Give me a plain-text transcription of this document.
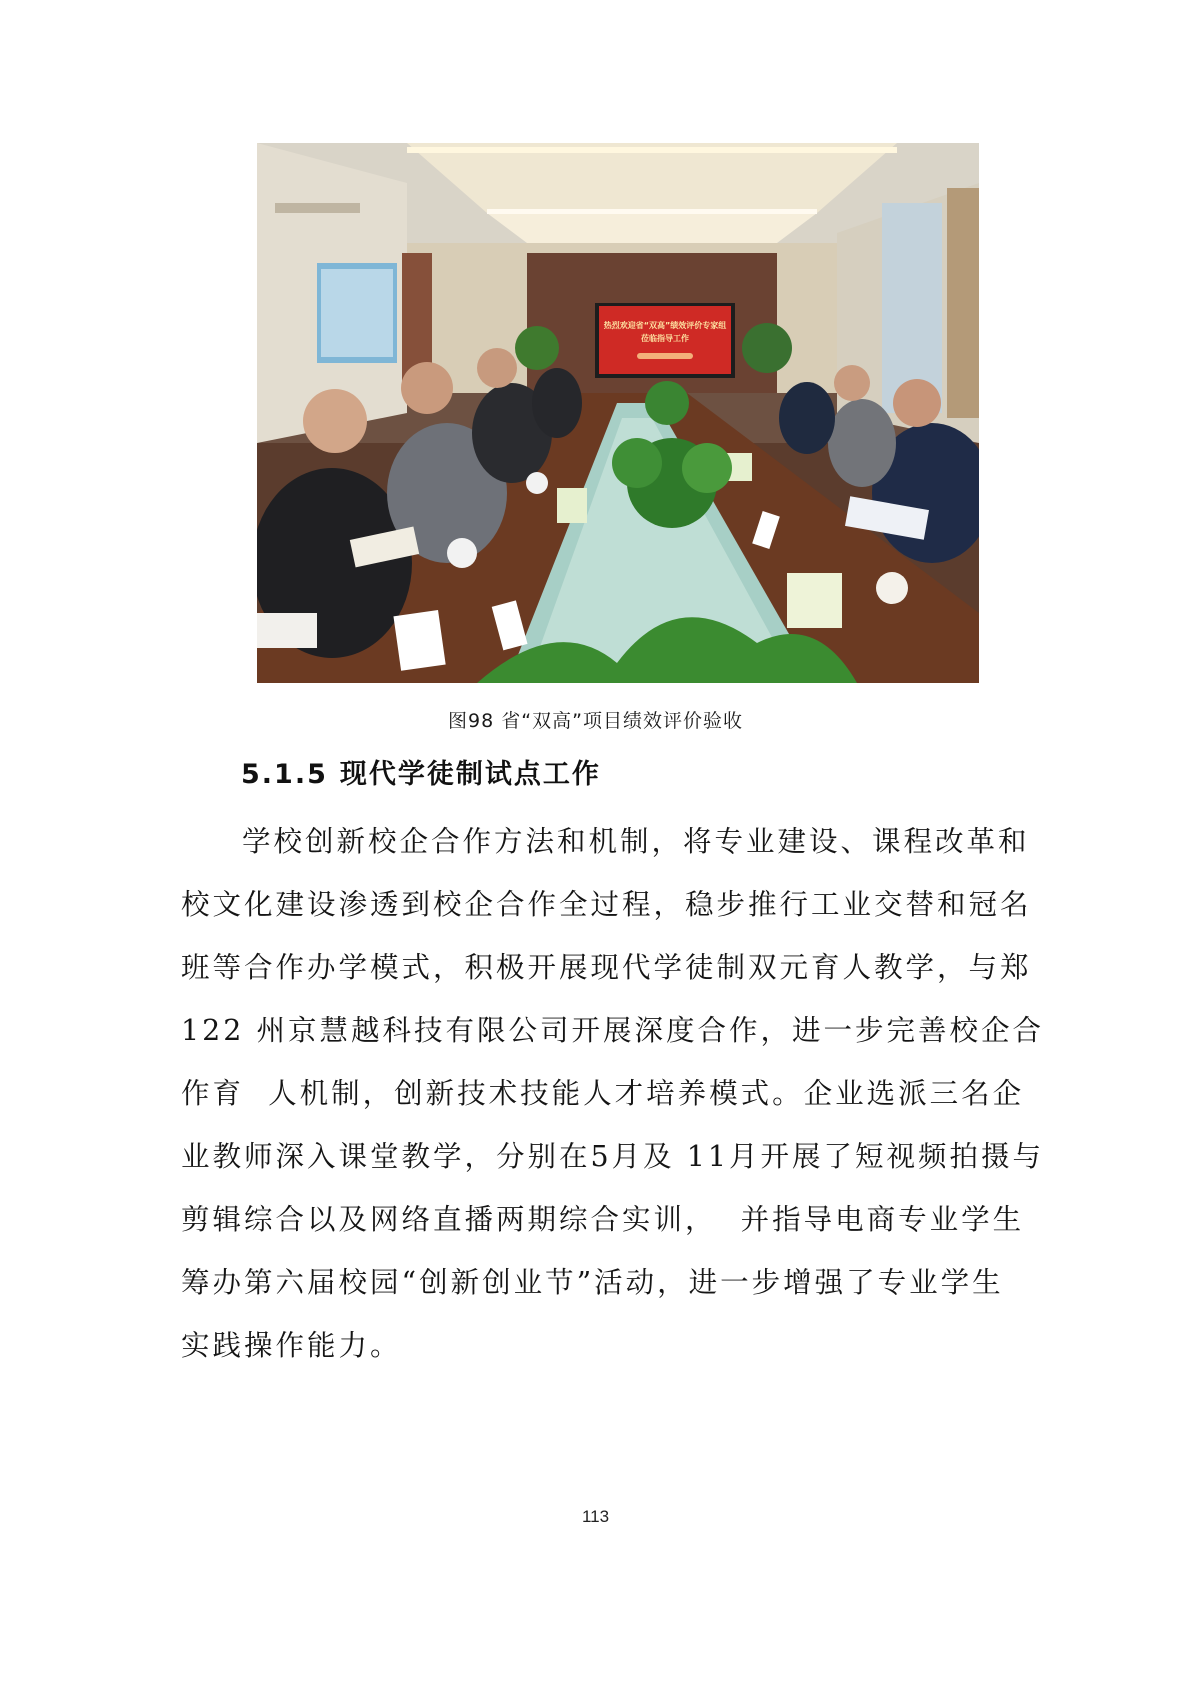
热烈欢迎省“双高”绩效评价专家组
莅临指导工作
图98 省“双高”项目绩效评价验收
5.1.5 现代学徒制试点工作
学校创新校企合作方法和机制，将专业建设、课程改革和
校文化建设渗透到校企合作全过程，稳步推行工业交替和冠名
班等合作办学模式，积极开展现代学徒制双元育人教学，与郑
122 州京慧越科技有限公司开展深度合作，进一步完善校企合
作育  人机制，创新技术技能人才培养模式。企业选派三名企
业教师深入课堂教学，分别在5月及 11月开展了短视频拍摄与
剪辑综合以及网络直播两期综合实训，  并指导电商专业学生
筹办第六届校园“创新创业节”活动，进一步增强了专业学生
实践操作能力。
113
